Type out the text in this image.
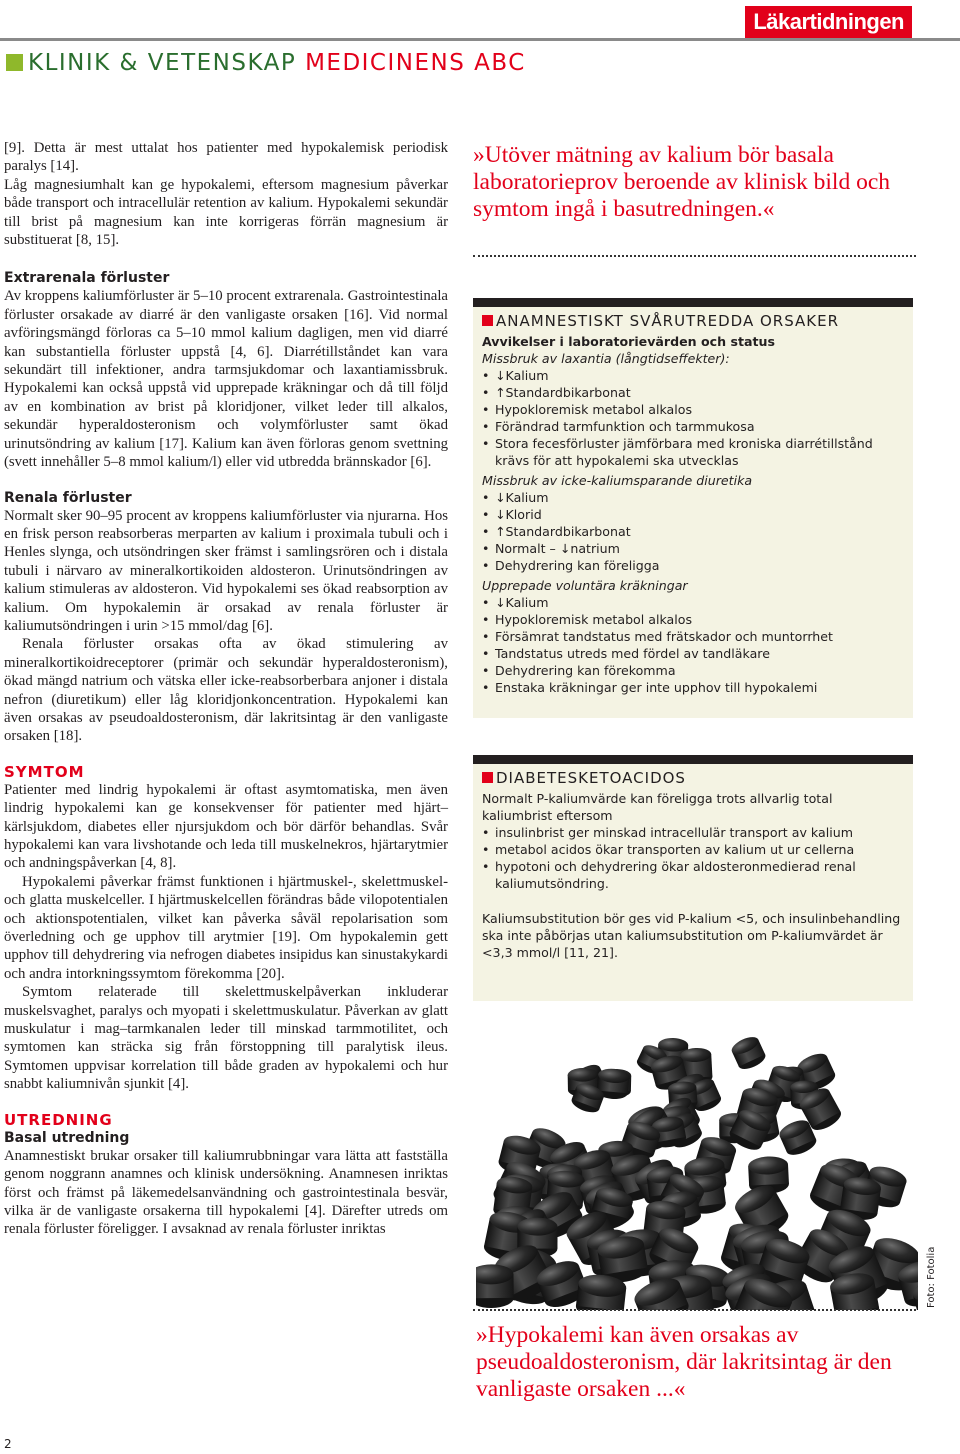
Läkartidningen
KLINIK & VETENSKAP MEDICINENS ABC

[9]. Detta är mest uttalat hos patienter med hypokalemisk periodisk paralys [14].

Låg magnesiumhalt kan ge hypokalemi, eftersom magnesium påverkar både transport och intracellulär retention av kalium. Hypokalemi sekundär till brist på magnesium kan inte korrigeras förrän magnesium är substituerat [8, 15].

Extrarenala förluster

Av kroppens kaliumförluster är 5–10 procent extrarenala. Gastrointestinala förluster orsakade av diarré är den vanligaste orsaken [16]. Vid normal avföringsmängd förloras ca 5–10 mmol kalium dagligen, men vid diarré kan substantiella förluster uppstå [4, 6]. Diarrétillståndet kan vara sekundärt till infektioner, andra tarmsjukdomar och laxantiamissbruk. Hypokalemi kan också uppstå vid upprepade kräkningar och då till följd av en kombination av brist på kloridjoner, vilket leder till alkalos, sekundär hyperaldosteronism och volymförluster samt ökad urinutsöndring av kalium [17]. Kalium kan även förloras genom svettning (svett innehåller 5–8 mmol kalium/l) eller vid utbredda brännskador [6].

Renala förluster

Normalt sker 90–95 procent av kroppens kaliumförluster via njurarna. Hos en frisk person reabsorberas merparten av kalium i proximala tubuli och i Henles slynga, och utsöndringen sker främst i samlingsrören och i distala tubuli i närvaro av mineralkortikoiden aldosteron. Urinutsöndringen av kalium stimuleras av aldosteron. Vid hypokalemi ses ökad reabsorption av kalium. Om hypokalemin är orsakad av renala förluster är kaliumutsöndringen i urin >15 mmol/dag [6].

Renala förluster orsakas ofta av ökad stimulering av mineralkortikoidreceptorer (primär och sekundär hyperaldosteronism), ökad mängd natrium och vätska eller icke-reabsorberbara anjoner i distala nefron (diuretikum) eller låg kloridjonkoncentration. Hypokalemi kan även orsakas av pseudoaldosteronism, där lakritsintag är den vanligaste orsaken [18].

SYMTOM

Patienter med lindrig hypokalemi är oftast asymtomatiska, men även lindrig hypokalemi kan ge konsekvenser för patienter med hjärt–kärlsjukdom, diabetes eller njursjukdom och bör därför behandlas. Svår hypokalemi kan vara livshotande och leda till muskelnekros, hjärtarytmier och andningspåverkan [4, 8].

Hypokalemi påverkar främst funktionen i hjärtmuskel-, skelettmuskel- och glatta muskelceller. I hjärtmuskelcellen förändras både vilopotentialen och aktionspotentialen, vilket kan påverka såväl repolarisation som överledning och ge upphov till arytmier [19]. Om hypokalemin gett upphov till dehydrering via nefrogen diabetes insipidus kan sinustakykardi och andra intorkningssymtom förekomma [20].

Symtom relaterade till skelettmuskelpåverkan inkluderar muskelsvaghet, paralys och myopati i skelettmuskulatur. Påverkan av glatt muskulatur i mag–tarmkanalen leder till minskad tarmmotilitet, och symtomen kan sträcka sig från förstoppning till paralytisk ileus. Symtomen uppvisar korrelation till både graden av hypokalemi och hur snabbt kaliumnivån sjunkit [4].

UTREDNING
Basal utredning

Anamnestiskt brukar orsaker till kaliumrubbningar vara lätta att fastställa genom noggrann anamnes och klinisk undersökning. Anamnesen inriktas först och främst på läkemedelsanvändning och gastrointestinala besvär, vilka är de vanligaste orsakerna till hypokalemi [4]. Därefter utreds om renala förluster föreligger. I avsaknad av renala förluster inriktas

»Utöver mätning av kalium bör basala laboratorieprov beroende av klinisk bild och symtom ingå i basutredningen.«
ANAMNESTISKT SVÅRUTREDDA ORSAKER
Avvikelser i laboratorievärden och status
Missbruk av laxantia (långtidseffekter):
• ↓Kalium
• ↑Standardbikarbonat
• Hypokloremisk metabol alkalos
• Förändrad tarmfunktion och tarmmukosa
• Stora fecesförluster jämförbara med kroniska diarrétillstånd krävs för att hypokalemi ska utvecklas
Missbruk av icke-kaliumsparande diuretika
• ↓Kalium
• ↓Klorid
• ↑Standardbikarbonat
• Normalt – ↓natrium
• Dehydrering kan föreligga
Upprepade voluntära kräkningar
• ↓Kalium
• Hypokloremisk metabol alkalos
• Försämrat tandstatus med frätskador och muntorrhet
• Tandstatus utreds med fördel av tandläkare
• Dehydrering kan förekomma
• Enstaka kräkningar ger inte upphov till hypokalemi
DIABETESKETOACIDOS

Normalt P-kaliumvärde kan föreligga trots allvarlig total kaliumbrist eftersom

• insulinbrist ger minskad intracellulär transport av kalium
• metabol acidos ökar transporten av kalium ut ur cellerna
• hypotoni och dehydrering ökar aldosteronmedierad renal kaliumutsöndring.

Kaliumsubstitution bör ges vid P-kalium <5, och insulinbehandling ska inte påbörjas utan kaliumsubstitution om P-kaliumvärdet är <3,3 mmol/l [11, 21].

Foto: Fotolia
»Hypokalemi kan även orsakas av pseudoaldosteronism, där lakritsintag är den vanligaste orsaken ...«
2
